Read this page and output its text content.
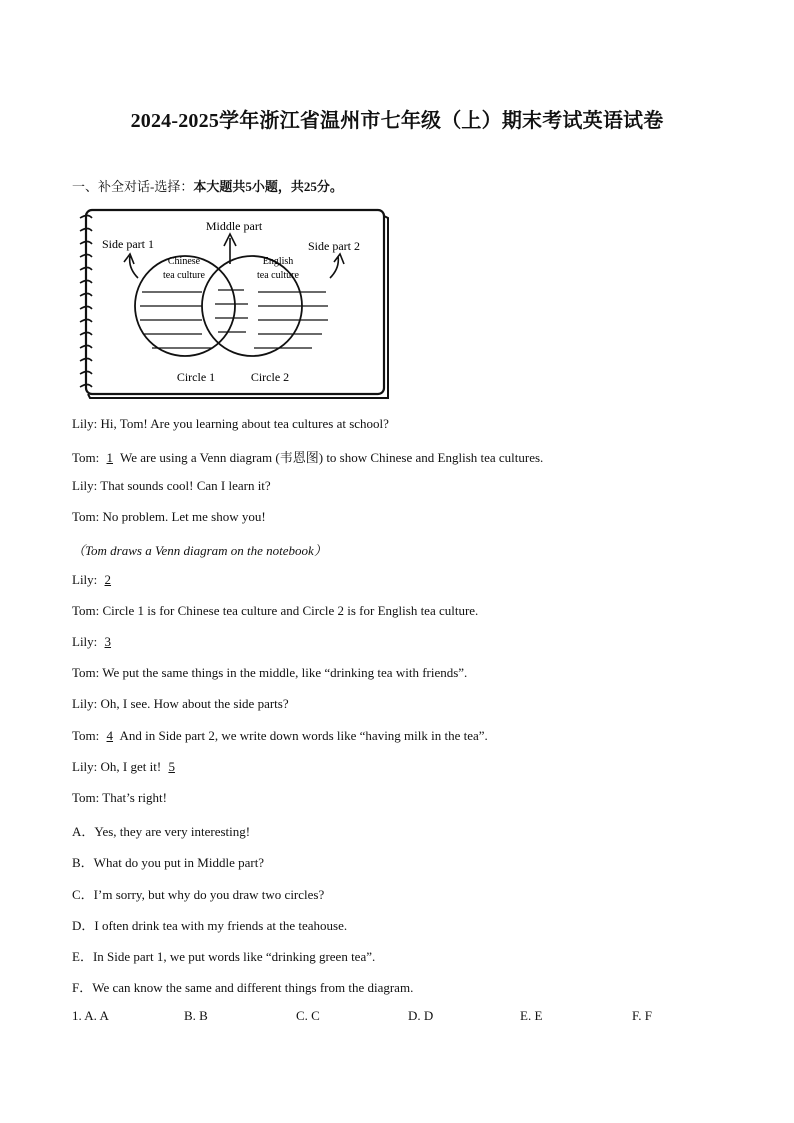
2024-2025学年浙江省温州市七年级（上）期末考试英语试卷
一、补全对话-选择：本大题共5小题，共25分。
Middle part
Side part 1	Side part 2
Chinese
tea culture
English
tea culture
Circle 1	Circle 2
Lily: Hi, Tom! Are you learning about tea cultures at school?
Tom: 1 We are using a Venn diagram (韦恩图) to show Chinese and English tea cultures.
Lily: That sounds cool! Can I learn it?
Tom: No problem. Let me show you!
（Tom draws a Venn diagram on the notebook）
Lily: 2
Tom: Circle 1 is for Chinese tea culture and Circle 2 is for English tea culture.
Lily: 3
Tom: We put the same things in the middle, like “drinking tea with friends”.
Lily: Oh, I see. How about the side parts?
Tom: 4 And in Side part 2, we write down words like “having milk in the tea”.
Lily: Oh, I get it! 5
Tom: That’s right!
A．Yes, they are very interesting!
B．What do you put in Middle part?
C．I’m sorry, but why do you draw two circles?
D．I often drink tea with my friends at the teahouse.
E．In Side part 1, we put words like “drinking green tea”.
F．We can know the same and different things from the diagram.
1. A. A	B. B	C. C	D. D	E. E	F. F
